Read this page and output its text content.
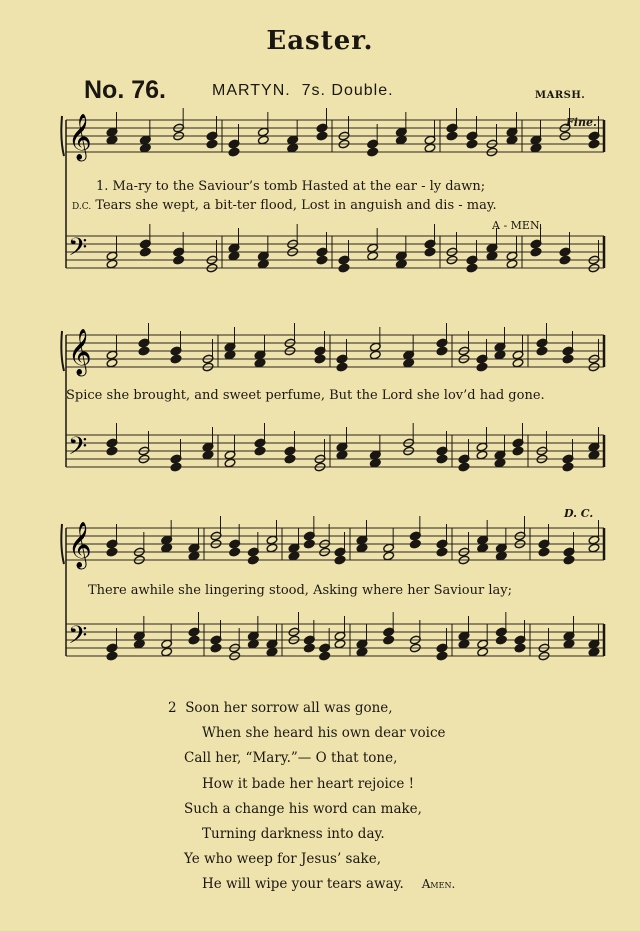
Easter.
No. 76.	MARTYN. 7s. Double.	MARSH.
Fine.
𝄞
𝄢
1. Ma-ry to the Saviour’s tomb Hasted at the ear - ly dawn;
D.C. Tears she wept, a bit-ter flood, Lost in anguish and dis - may.
A - MEN.
𝄞
𝄢
Spice she brought, and sweet perfume, But the Lord she lov’d had gone.
D. C.
𝄞
𝄢
There awhile she lingering stood, Asking where her Saviour lay;
2 Soon her sorrow all was gone,
When she heard his own dear voice
Call her, “Mary.”— O that tone,
How it bade her heart rejoice !
Such a change his word can make,
Turning darkness into day.
Ye who weep for Jesus’ sake,
He will wipe your tears away. Amen.
